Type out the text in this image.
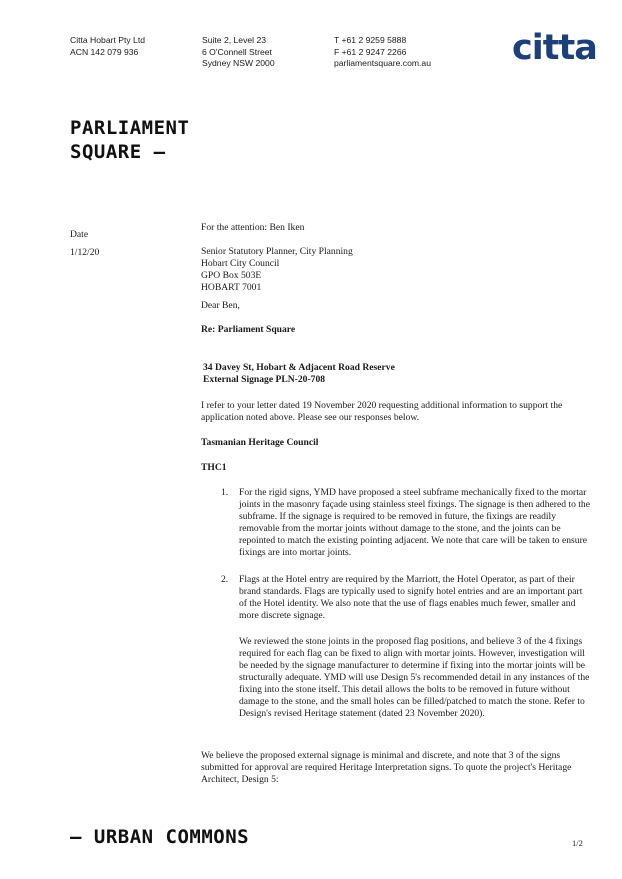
Citta Hobart Pty Ltd
ACN 142 079 936
Suite 2, Level 23
6 O'Connell Street
Sydney NSW 2000
T +61 2 9259 5888
F +61 2 9247 2266
parliamentsquare.com.au citta
PARLIAMENT
SQUARE —
Date
1/12/20
For the attention: Ben Iken

Senior Statutory Planner, City Planning

Hobart City Council

GPO Box 503E

HOBART 7001

Dear Ben,
Re: Parliament Square

34 Davey St, Hobart & Adjacent Road Reserve

External Signage PLN-20-708

I refer to your letter dated 19 November 2020 requesting additional information to support the application noted above. Please see our responses below.
Tasmanian Heritage Council
THC1
1. For the rigid signs, YMD have proposed a steel subframe mechanically fixed to the mortar joints in the masonry façade using stainless steel fixings. The signage is then adhered to the subframe. If the signage is required to be removed in future, the fixings are readily removable from the mortar joints without damage to the stone, and the joints can be repointed to match the existing pointing adjacent. We note that care will be taken to ensure fixings are into mortar joints.
2. Flags at the Hotel entry are required by the Marriott, the Hotel Operator, as part of their brand standards. Flags are typically used to signify hotel entries and are an important part of the Hotel identity. We also note that the use of flags enables much fewer, smaller and more discrete signage.
We reviewed the stone joints in the proposed flag positions, and believe 3 of the 4 fixings required for each flag can be fixed to align with mortar joints. However, investigation will be needed by the signage manufacturer to determine if fixing into the mortar joints will be structurally adequate. YMD will use Design 5's recommended detail in any instances of the fixing into the stone itself. This detail allows the bolts to be removed in future without damage to the stone, and the small holes can be filled/patched to match the stone. Refer to Design's revised Heritage statement (dated 23 November 2020).
We believe the proposed external signage is minimal and discrete, and note that 3 of the signs submitted for approval are required Heritage Interpretation signs. To quote the project's Heritage Architect, Design 5:
— URBAN COMMONS	1/2
